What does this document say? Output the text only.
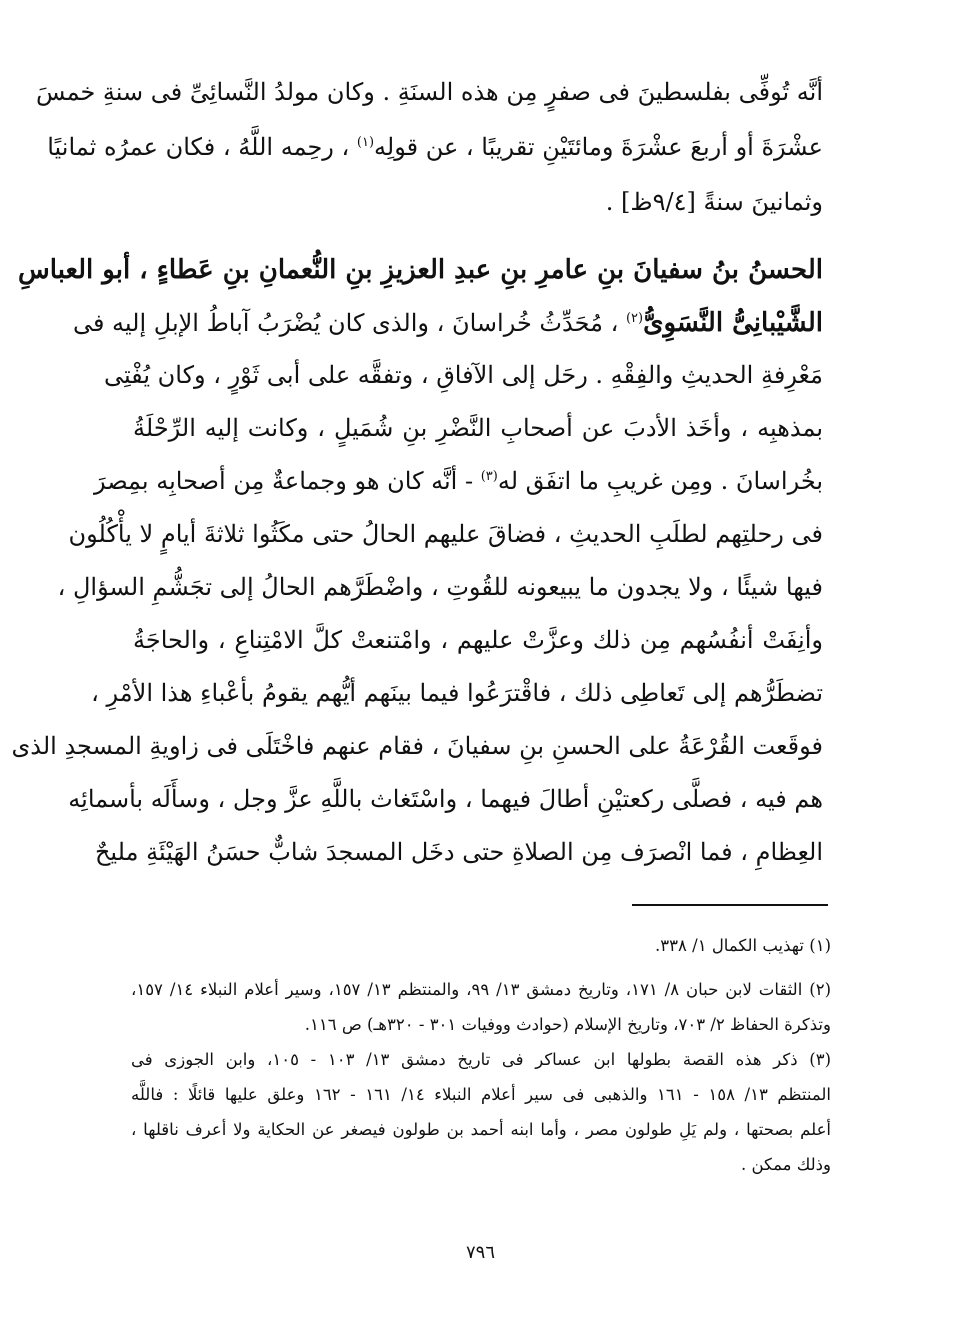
أنَّه تُوفِّى بفلسطينَ فى صفرٍ مِن هذه السنَةِ . وكان مولدُ النَّسائِىِّ فى سنةِ خمسَ
عشْرَةَ أو أربعَ عشْرَةَ ومائتَيْنِ تقريبًا ، عن قولِه$^{(١)}$ ، رحِمه اللَّهُ ، فكان عمرُه ثمانيًا
وثمانينَ سنةً [٩/٤ظ] .
الحسنُ بنُ سفيانَ بنِ عامرِ بنِ عبدِ العزيزِ بنِ النُّعمانِ بنِ عَطاءٍ ، أبو العباسِ
الشَّيْبانِىُّ النَّسَوِىُّ$^{(٢)}$ ، مُحَدِّثُ خُراسانَ ، والذى كان يُضْرَبُ آباطُ الإبلِ إليه فى
مَعْرِفةِ الحديثِ والفِقْهِ . رحَل إلى الآفاقِ ، وتفقَّه على أبى ثَوْرٍ ، وكان يُفْتِى
بمذهبِه ، وأخَذ الأدبَ عن أصحابِ النَّضْرِ بنِ شُمَيلٍ ، وكانت إليه الرِّحْلَةُ
بخُراسانَ . ومِن غريبِ ما اتفَق له$^{(٣)}$ - أنَّه كان هو وجماعةٌ مِن أصحابِه بمِصرَ
فى رحلتِهم لطلَبِ الحديثِ ، فضاقَ عليهم الحالُ حتى مكَثُوا ثلاثةَ أيامٍ لا يأْكُلُون
فيها شيئًا ، ولا يجدون ما يبيعونه للقُوتِ ، واضْطَرَّهم الحالُ إلى تجَشُّمِ السؤالِ ،
وأنِفَتْ أنفُسُهم مِن ذلك وعزَّتْ عليهم ، وامْتنعتْ كلَّ الامْتِناعِ ، والحاجَةُ
تضطَرُّهم إلى تَعاطِى ذلك ، فاقْترَعُوا فيما بينَهم أيُّهم يقومُ بأعْباءِ هذا الأمْرِ ،
فوقَعت القُرْعَةُ على الحسنِ بنِ سفيانَ ، فقام عنهم فاخْتَلَى فى زاويةِ المسجدِ الذى
هم فيه ، فصلَّى ركعتيْنِ أطالَ فيهما ، واسْتَغاث باللَّهِ عزَّ وجل ، وسأَلَه بأسمائِه
العِظامِ ، فما انْصرَف مِن الصلاةِ حتى دخَل المسجدَ شابٌّ حسَنُ الهَيْئَةِ مليحٌ
(١) تهذيب الكمال ١/ ٣٣٨.
(٢) الثقات لابن حبان ٨/ ١٧١، وتاريخ دمشق ١٣/ ٩٩، والمنتظم ١٣/ ١٥٧، وسير أعلام النبلاء ١٤/ ١٥٧،
وتذكرة الحفاظ ٢/ ٧٠٣، وتاريخ الإسلام (حوادث ووفيات ٣٠١ - ٣٢٠هـ) ص ١١٦.
(٣) ذكر هذه القصة بطولها ابن عساكر فى تاريخ دمشق ١٣/ ١٠٣ - ١٠٥، وابن الجوزى فى
المنتظم ١٣/ ١٥٨ - ١٦١ والذهبى فى سير أعلام النبلاء ١٤/ ١٦١ - ١٦٢ وعلق عليها قائلًا : فاللَّه
أعلم بصحتها ، ولم يَلِ طولون مصر ، وأما ابنه أحمد بن طولون فيصغر عن الحكاية ولا أعرف ناقلها ،
وذلك ممكن .
٧٩٦
